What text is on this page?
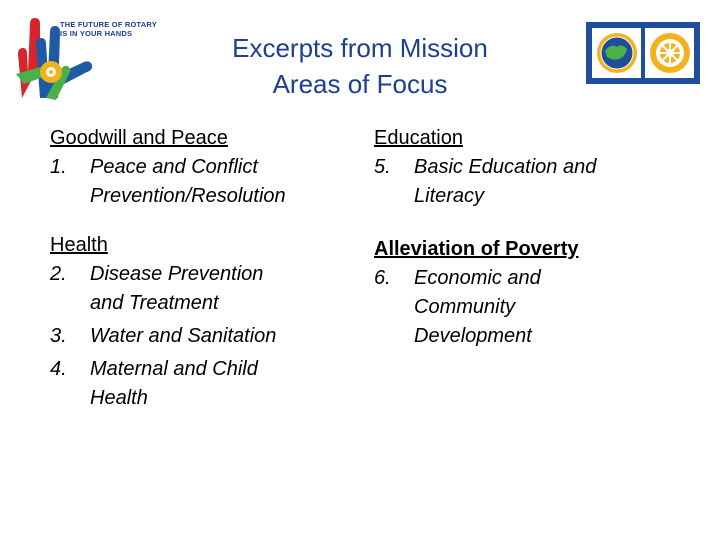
THE FUTURE OF ROTARY
IS IN YOUR HANDS	Excerpts from Mission
Areas of Focus
Goodwill and Peace
1. Peace and Conflict
Prevention/Resolution
Health
2. Disease Prevention
and Treatment
3. Water and Sanitation
4. Maternal and Child
Health
Education
5. Basic Education and
Literacy
Alleviation of Poverty
6. Economic and
Community
Development
